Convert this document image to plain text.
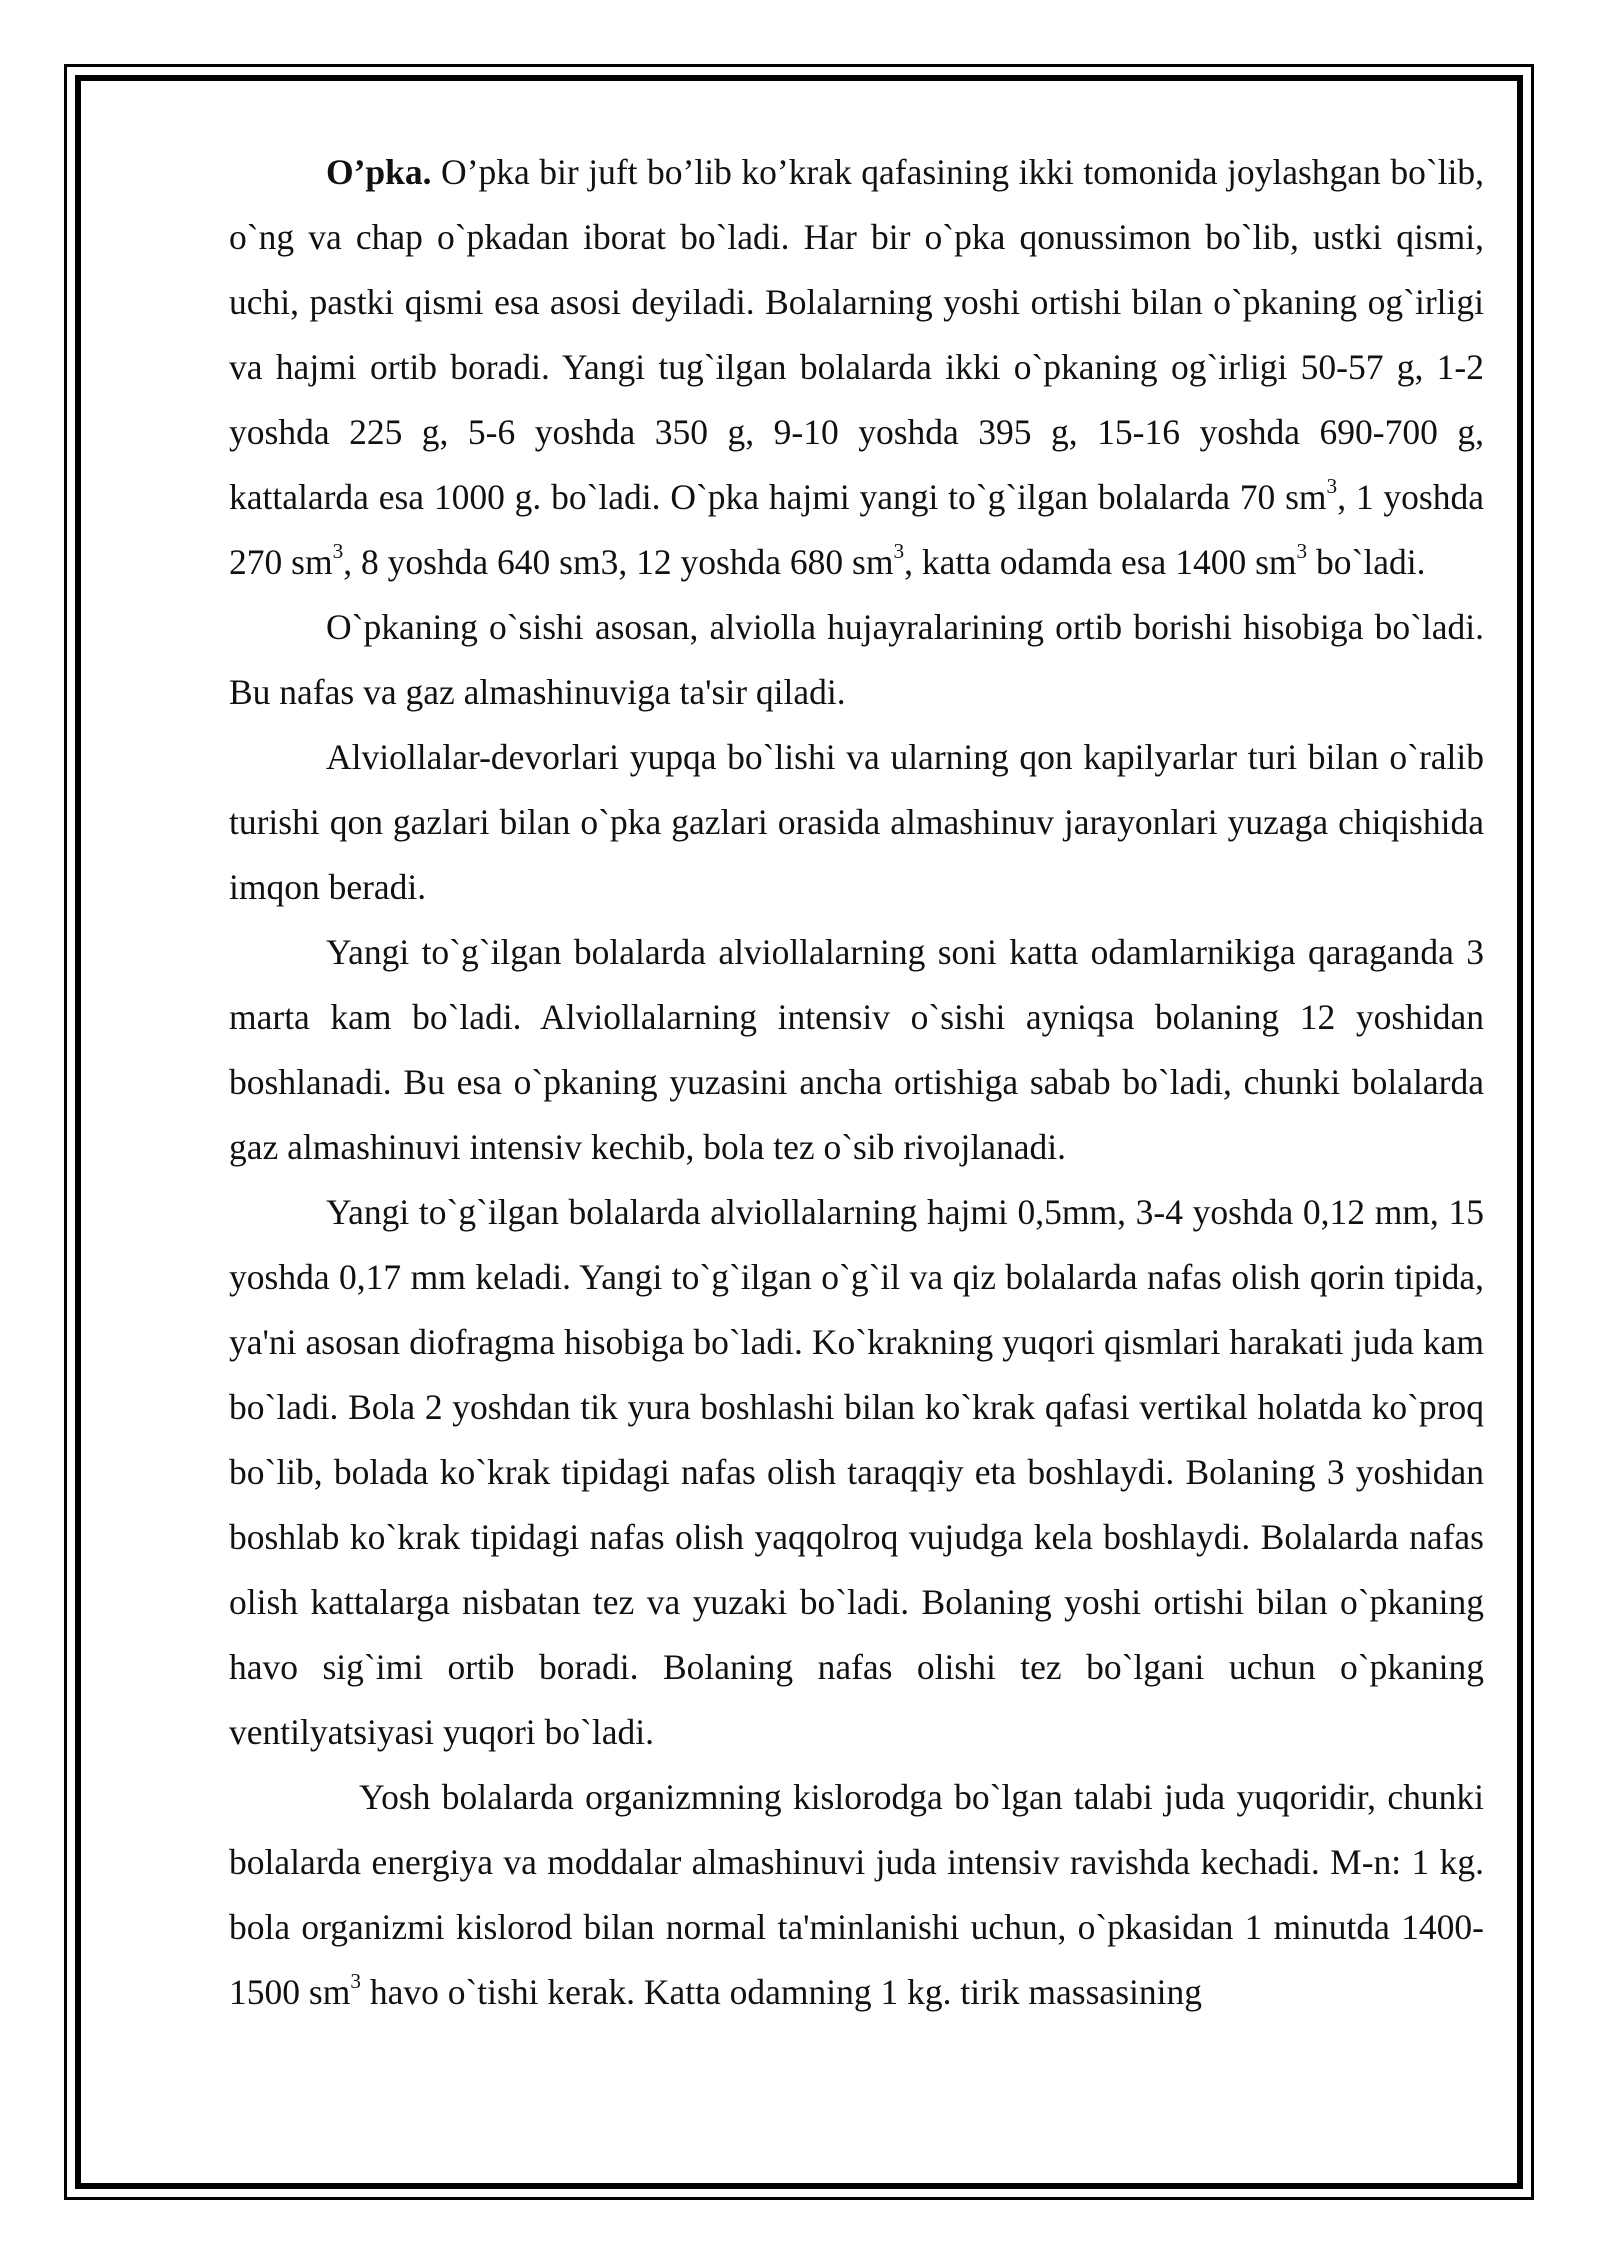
O’pka. O’pka bir juft bo’lib ko’krak qafasining ikki tomonida joylashgan bo`lib, o`ng va chap o`pkadan iborat bo`ladi. Har bir o`pka qonussimon bo`lib, ustki qismi, uchi, pastki qismi esa asosi deyiladi. Bolalarning yoshi ortishi bilan o`pkaning og`irligi va hajmi ortib boradi. Yangi tug`ilgan bolalarda ikki o`pkaning og`irligi 50-57 g, 1-2 yoshda 225 g, 5-6 yoshda 350 g, 9-10 yoshda 395 g, 15-16 yoshda 690-700 g, kattalarda esa 1000 g. bo`ladi. O`pka hajmi yangi to`g`ilgan bolalarda 70 $sm^3$, 1 yoshda 270 $sm^3$, 8 yoshda 640 sm3, 12 yoshda 680 $sm^3$, katta odamda esa 1400 $sm^3$ bo`ladi.

O`pkaning o`sishi asosan, alviolla hujayralarining ortib borishi hisobiga bo`ladi. Bu nafas va gaz almashinuviga ta'sir qiladi.

Alviollalar-devorlari yupqa bo`lishi va ularning qon kapilyarlar turi bilan o`ralib turishi qon gazlari bilan o`pka gazlari orasida almashinuv jarayonlari yuzaga chiqishida imqon beradi.

Yangi to`g`ilgan bolalarda alviollalarning soni katta odamlarnikiga qaraganda 3 marta kam bo`ladi. Alviollalarning intensiv o`sishi ayniqsa bolaning 12 yoshidan boshlanadi. Bu esa o`pkaning yuzasini ancha ortishiga sabab bo`ladi, chunki bolalarda gaz almashinuvi intensiv kechib, bola tez o`sib rivojlanadi.

Yangi to`g`ilgan bolalarda alviollalarning hajmi 0,5mm, 3-4 yoshda 0,12 mm, 15 yoshda 0,17 mm keladi. Yangi to`g`ilgan o`g`il va qiz bolalarda nafas olish qorin tipida, ya'ni asosan diofragma hisobiga bo`ladi. Ko`krakning yuqori qismlari harakati juda kam bo`ladi. Bola 2 yoshdan tik yura boshlashi bilan ko`krak qafasi vertikal holatda ko`proq bo`lib, bolada ko`krak tipidagi nafas olish taraqqiy eta boshlaydi. Bolaning 3 yoshidan boshlab ko`krak tipidagi nafas olish yaqqolroq vujudga kela boshlaydi. Bolalarda nafas olish kattalarga nisbatan tez va yuzaki bo`ladi. Bolaning yoshi ortishi bilan o`pkaning havo sig`imi ortib boradi. Bolaning nafas olishi tez bo`lgani uchun o`pkaning ventilyatsiyasi yuqori bo`ladi.

Yosh bolalarda organizmning kislorodga bo`lgan talabi juda yuqoridir, chunki bolalarda energiya va moddalar almashinuvi juda intensiv ravishda kechadi. M-n: 1 kg. bola organizmi kislorod bilan normal ta'minlanishi uchun, o`pkasidan 1 minutda 1400-1500 $sm^3$ havo o`tishi kerak. Katta odamning 1 kg. tirik massasining
